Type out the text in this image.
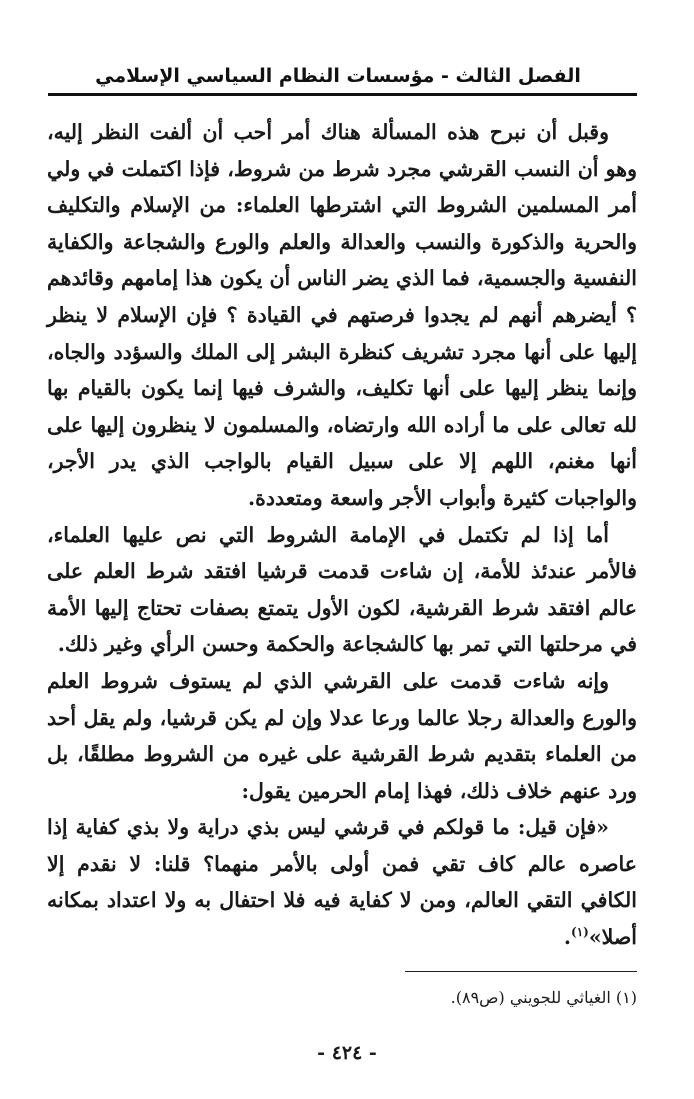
الفصل الثالث - مؤسسات النظام السياسي الإسلامي

وقبل أن نبرح هذه المسألة هناك أمر أحب أن ألفت النظر إليه، وهو أن النسب القرشي مجرد شرط من شروط، فإذا اكتملت في ولي أمر المسلمين الشروط التي اشترطها العلماء: من الإسلام والتكليف والحرية والذكورة والنسب والعدالة والعلم والورع والشجاعة والكفاية النفسية والجسمية، فما الذي يضر الناس أن يكون هذا إمامهم وقائدهم ؟ أيضرهم أنهم لم يجدوا فرصتهم في القيادة ؟ فإن الإسلام لا ينظر إليها على أنها مجرد تشريف كنظرة البشر إلى الملك والسؤدد والجاه، وإنما ينظر إليها على أنها تكليف، والشرف فيها إنما يكون بالقيام بها لله تعالى على ما أراده الله وارتضاه، والمسلمون لا ينظرون إليها على أنها مغنم، اللهم إلا على سبيل القيام بالواجب الذي يدر الأجر، والواجبات كثيرة وأبواب الأجر واسعة ومتعددة.

أما إذا لم تكتمل في الإمامة الشروط التي نص عليها العلماء، فالأمر عندئذ للأمة، إن شاءت قدمت قرشيا افتقد شرط العلم على عالم افتقد شرط القرشية، لكون الأول يتمتع بصفات تحتاج إليها الأمة في مرحلتها التي تمر بها كالشجاعة والحكمة وحسن الرأي وغير ذلك.

وإنه شاءت قدمت على القرشي الذي لم يستوف شروط العلم والورع والعدالة رجلا عالما ورعا عدلا وإن لم يكن قرشيا، ولم يقل أحد من العلماء بتقديم شرط القرشية على غيره من الشروط مطلقًا، بل ورد عنهم خلاف ذلك، فهذا إمام الحرمين يقول:

«فإن قيل: ما قولكم في قرشي ليس بذي دراية ولا بذي كفاية إذا عاصره عالم كاف تقي فمن أولى بالأمر منهما؟ قلنا: لا نقدم إلا الكافي التقي العالم، ومن لا كفاية فيه فلا احتفال به ولا اعتداد بمكانه أصلا»$^{(١)}$.

(١) الغياثي للجويني (ص٨٩).
- ٤٢٤ -
